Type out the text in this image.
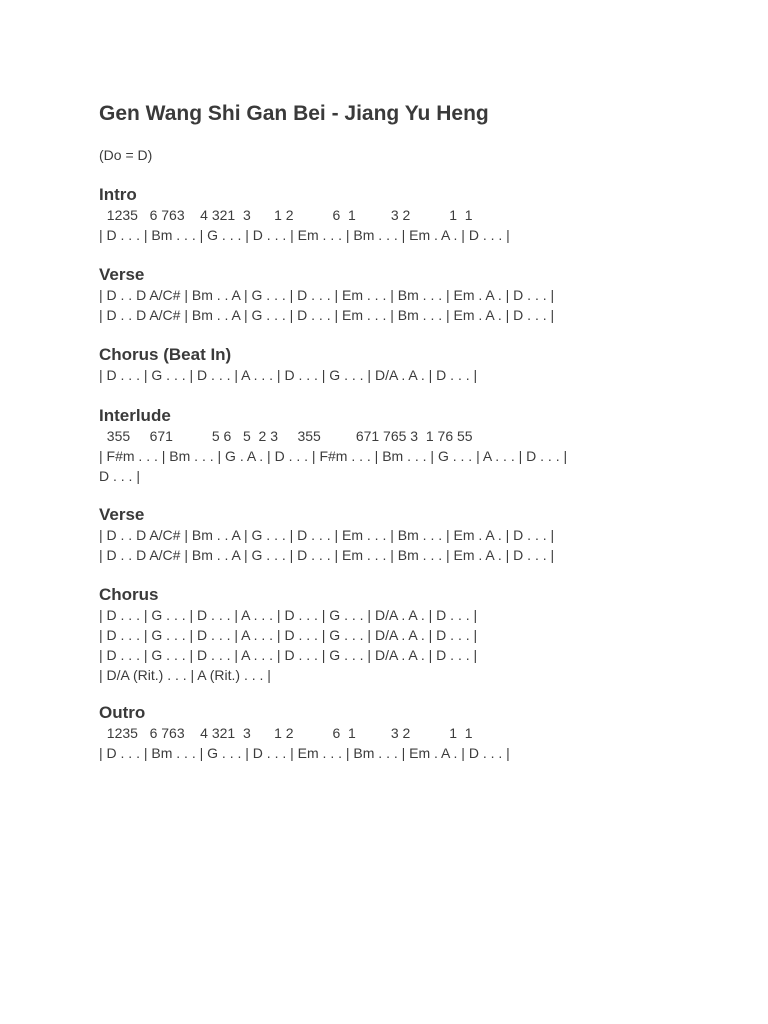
Gen Wang Shi Gan Bei - Jiang Yu Heng
(Do = D)
Intro
1235   6 763    4 321  3      1 2          6  1         3 2          1  1
| D . . . | Bm . . . | G . . . | D . . . | Em . . . | Bm . . . | Em . A . | D . . . |
Verse
| D . . D A/C# | Bm . . A | G . . . | D . . . | Em . . . | Bm . . . | Em . A . | D . . . |
| D . . D A/C# | Bm . . A | G . . . | D . . . | Em . . . | Bm . . . | Em . A . | D . . . |
Chorus (Beat In)
| D . . . | G . . . | D . . . | A . . . | D . . . | G . . . | D/A . A . | D . . . |
Interlude
355     671          5 6   5  2 3     355         671 765 3  1 76 55
| F#m . . . | Bm . . . | G . A . | D . . . | F#m . . . | Bm . . . | G . . . | A . . . | D . . . |
D . . . |
Verse
| D . . D A/C# | Bm . . A | G . . . | D . . . | Em . . . | Bm . . . | Em . A . | D . . . |
| D . . D A/C# | Bm . . A | G . . . | D . . . | Em . . . | Bm . . . | Em . A . | D . . . |
Chorus
| D . . . | G . . . | D . . . | A . . . | D . . . | G . . . | D/A . A . | D . . . |
| D . . . | G . . . | D . . . | A . . . | D . . . | G . . . | D/A . A . | D . . . |
| D . . . | G . . . | D . . . | A . . . | D . . . | G . . . | D/A . A . | D . . . |
| D/A (Rit.) . . . | A (Rit.) . . . |
Outro
1235   6 763    4 321  3      1 2          6  1         3 2          1  1
| D . . . | Bm . . . | G . . . | D . . . | Em . . . | Bm . . . | Em . A . | D . . . |
